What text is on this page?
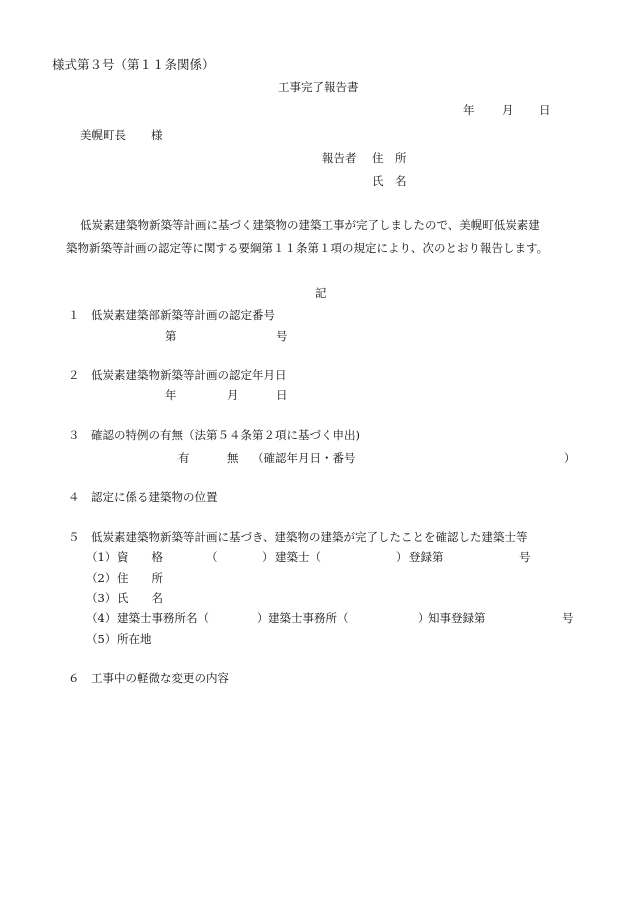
様式第３号（第１１条関係）
工事完了報告書
年 月 日
美幌町長 様
報告者 住　所
氏　名
低炭素建築物新築等計画に基づく建築物の建築工事が完了しましたので、美幌町低炭素建
築物新築等計画の認定等に関する要綱第１１条第１項の規定により、次のとおり報告します。
記
１ 低炭素建築部新築等計画の認定番号
第	号
２ 低炭素建築物新築等計画の認定年月日
年	月	日
３ 確認の特例の有無（法第５４条第２項に基づく申出)
有	無 （確認年月日・番号	）
４ 認定に係る建築物の位置
５ 低炭素建築物新築等計画に基づき、建築物の建築が完了したことを確認した建築士等
（1） 資　　格	（	） 建築士（	） 登録第	号
（2） 住　　所
（3） 氏　　名
（4） 建築士事務所名（	） 建築士事務所（	）
知事登録第	号
（5） 所在地
６ 工事中の軽微な変更の内容
